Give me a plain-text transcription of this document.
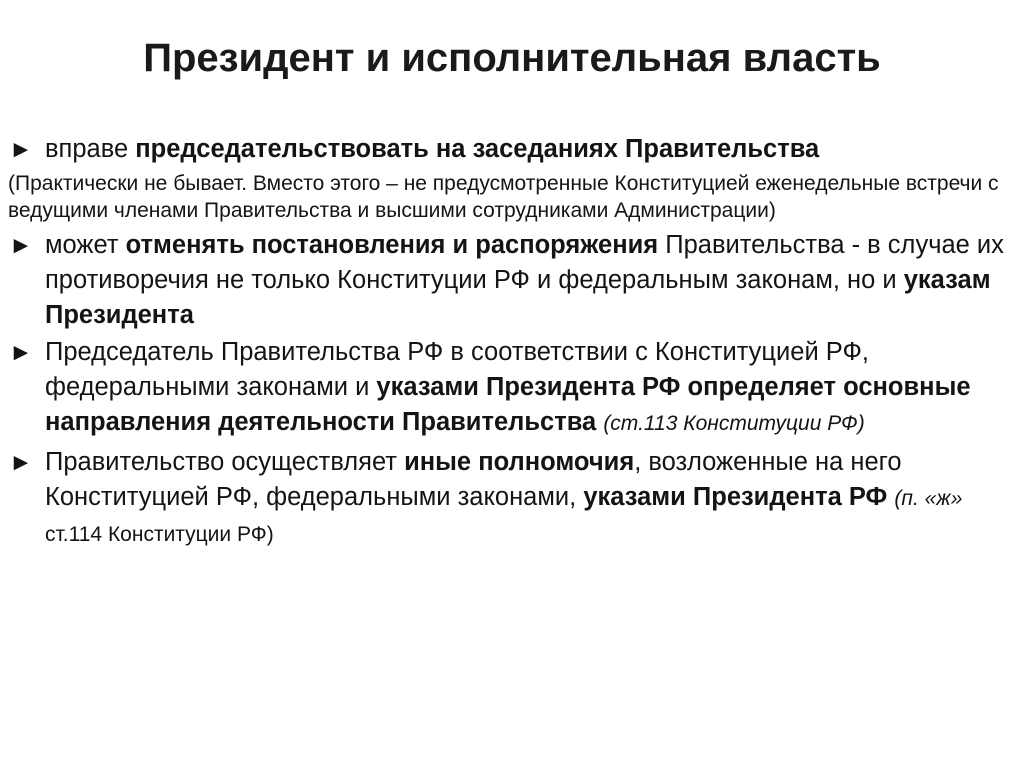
Президент и исполнительная власть
► вправе председательствовать на заседаниях Правительства
(Практически не бывает. Вместо этого – не предусмотренные Конституцией еженедельные встречи с ведущими членами Правительства и высшими сотрудниками Администрации)
► может отменять постановления и распоряжения Правительства - в случае их противоречия не только Конституции РФ и федеральным законам, но и указам Президента
► Председатель Правительства РФ в соответствии с Конституцией РФ, федеральными законами и указами Президента РФ определяет основные направления деятельности Правительства (ст.113 Конституции РФ)
► Правительство осуществляет иные полномочия, возложенные на него Конституцией РФ, федеральными законами, указами Президента РФ (п. «ж» ст.114 Конституции РФ)
